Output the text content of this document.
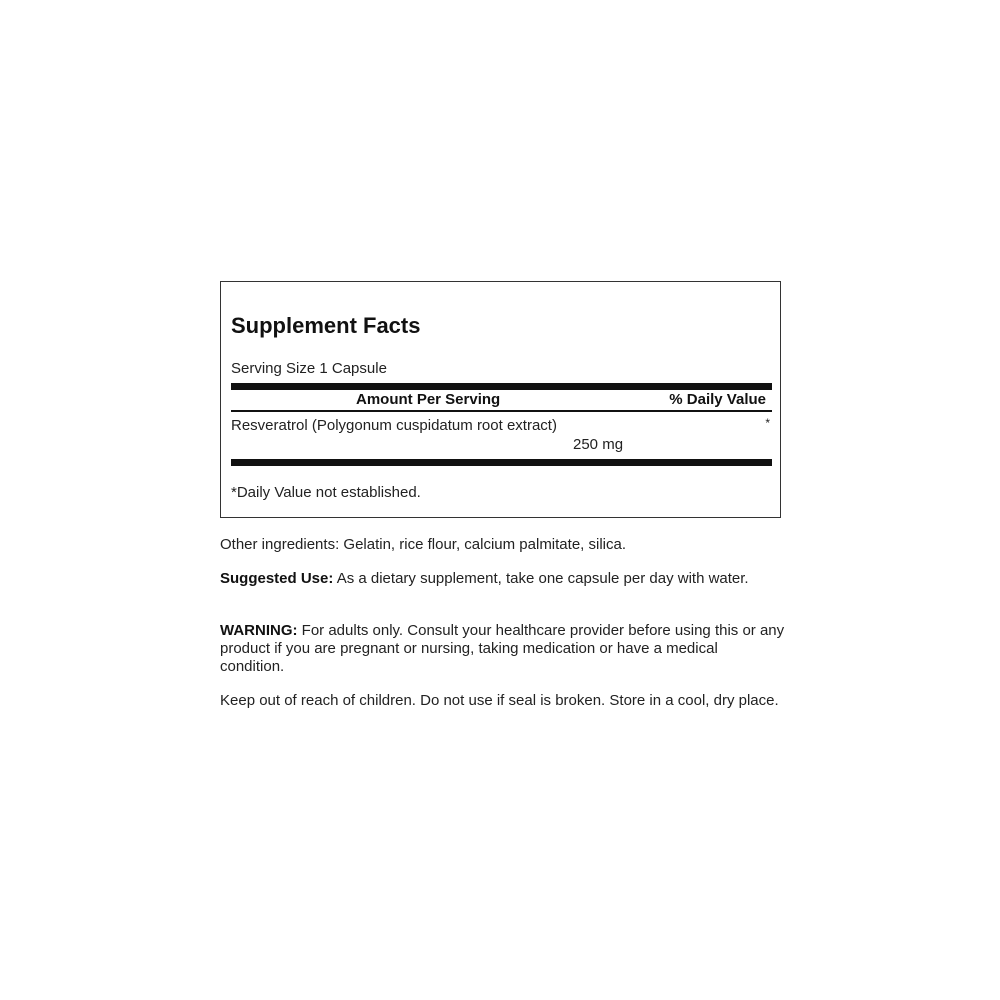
Supplement Facts
Serving Size 1 Capsule
Amount Per Serving	% Daily Value
Resveratrol (Polygonum cuspidatum root extract)	*
250 mg
*Daily Value not established.

Other ingredients: Gelatin, rice flour, calcium palmitate, silica.

Suggested Use: As a dietary supplement, take one capsule per day with water.

WARNING: For adults only. Consult your healthcare provider before using this or any product if you are pregnant or nursing, taking medication or have a medical condition.

Keep out of reach of children. Do not use if seal is broken. Store in a cool, dry place.
